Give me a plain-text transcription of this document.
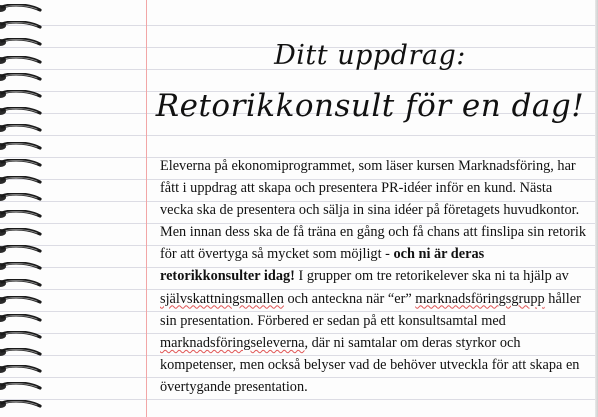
Ditt uppdrag:
Retorikkonsult för en dag!
Eleverna på ekonomiprogrammet, som läser kursen Marknadsföring, har fått i uppdrag att skapa och presentera PR-idéer inför en kund. Nästa vecka ska de presentera och sälja in sina idéer på företagets huvudkontor. Men innan dess ska de få träna en gång och få chans att finslipa sin retorik för att övertyga så mycket som möjligt - och ni är deras retorikkonsulter idag! I grupper om tre retorikelever ska ni ta hjälp av självskattningsmallen och anteckna när “er” marknadsföringsgrupp håller sin presentation. Förbered er sedan på ett konsultsamtal med marknadsföringseleverna, där ni samtalar om deras styrkor och kompetenser, men också belyser vad de behöver utveckla för att skapa en övertygande presentation.
